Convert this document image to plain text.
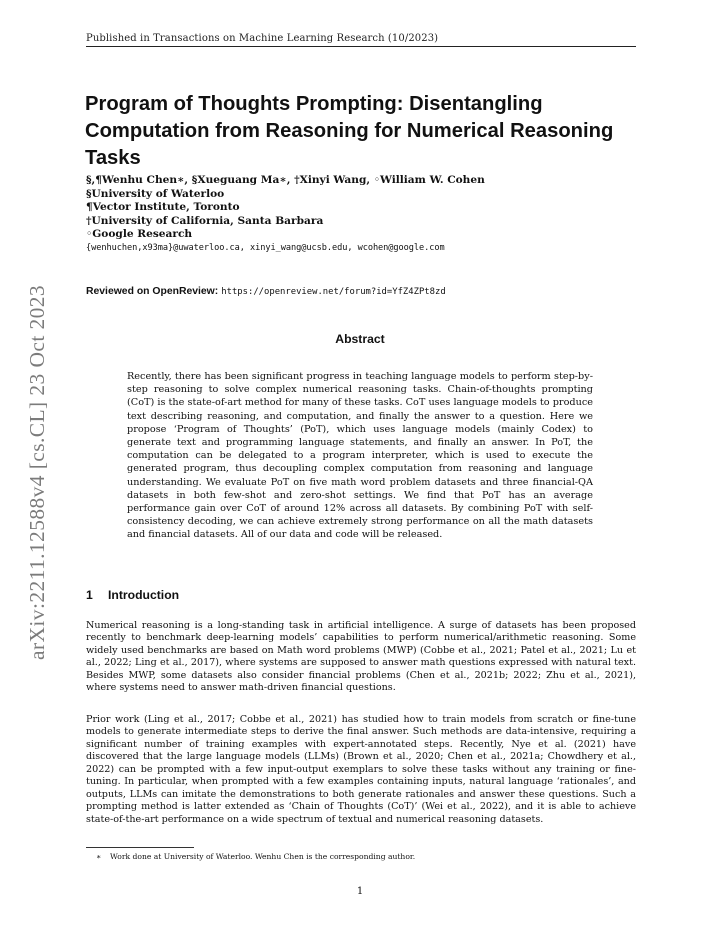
Published in Transactions on Machine Learning Research (10/2023)
arXiv:2211.12588v4 [cs.CL] 23 Oct 2023
Program of Thoughts Prompting: Disentangling Computation from Reasoning for Numerical Reasoning Tasks
§,¶Wenhu Chen∗, §Xueguang Ma∗, †Xinyi Wang, ◦William W. Cohen
§University of Waterloo
¶Vector Institute, Toronto
†University of California, Santa Barbara
◦Google Research
{wenhuchen,x93ma}@uwaterloo.ca, xinyi_wang@ucsb.edu, wcohen@google.com
Reviewed on OpenReview: https://openreview.net/forum?id=YfZ4ZPt8zd
Abstract

Recently, there has been significant progress in teaching language models to perform step-by-step reasoning to solve complex numerical reasoning tasks. Chain-of-thoughts prompting (CoT) is the state-of-art method for many of these tasks. CoT uses language models to produce text describing reasoning, and computation, and finally the answer to a question. Here we propose ‘Program of Thoughts’ (PoT), which uses language models (mainly Codex) to generate text and programming language statements, and finally an answer. In PoT, the computation can be delegated to a program interpreter, which is used to execute the generated program, thus decoupling complex computation from reasoning and language understanding. We evaluate PoT on five math word problem datasets and three financial-QA datasets in both few-shot and zero-shot settings. We find that PoT has an average performance gain over CoT of around 12% across all datasets. By combining PoT with self-consistency decoding, we can achieve extremely strong performance on all the math datasets and financial datasets. All of our data and code will be released.

1 Introduction

Numerical reasoning is a long-standing task in artificial intelligence. A surge of datasets has been proposed recently to benchmark deep-learning models’ capabilities to perform numerical/arithmetic reasoning. Some widely used benchmarks are based on Math word problems (MWP) (Cobbe et al., 2021; Patel et al., 2021; Lu et al., 2022; Ling et al., 2017), where systems are supposed to answer math questions expressed with natural text. Besides MWP, some datasets also consider financial problems (Chen et al., 2021b; 2022; Zhu et al., 2021), where systems need to answer math-driven financial questions.

Prior work (Ling et al., 2017; Cobbe et al., 2021) has studied how to train models from scratch or fine-tune models to generate intermediate steps to derive the final answer. Such methods are data-intensive, requiring a significant number of training examples with expert-annotated steps. Recently, Nye et al. (2021) have discovered that the large language models (LLMs) (Brown et al., 2020; Chen et al., 2021a; Chowdhery et al., 2022) can be prompted with a few input-output exemplars to solve these tasks without any training or fine-tuning. In particular, when prompted with a few examples containing inputs, natural language ‘rationales’, and outputs, LLMs can imitate the demonstrations to both generate rationales and answer these questions. Such a prompting method is latter extended as ‘Chain of Thoughts (CoT)’ (Wei et al., 2022), and it is able to achieve state-of-the-art performance on a wide spectrum of textual and numerical reasoning datasets.

∗ Work done at University of Waterloo. Wenhu Chen is the corresponding author.
1
